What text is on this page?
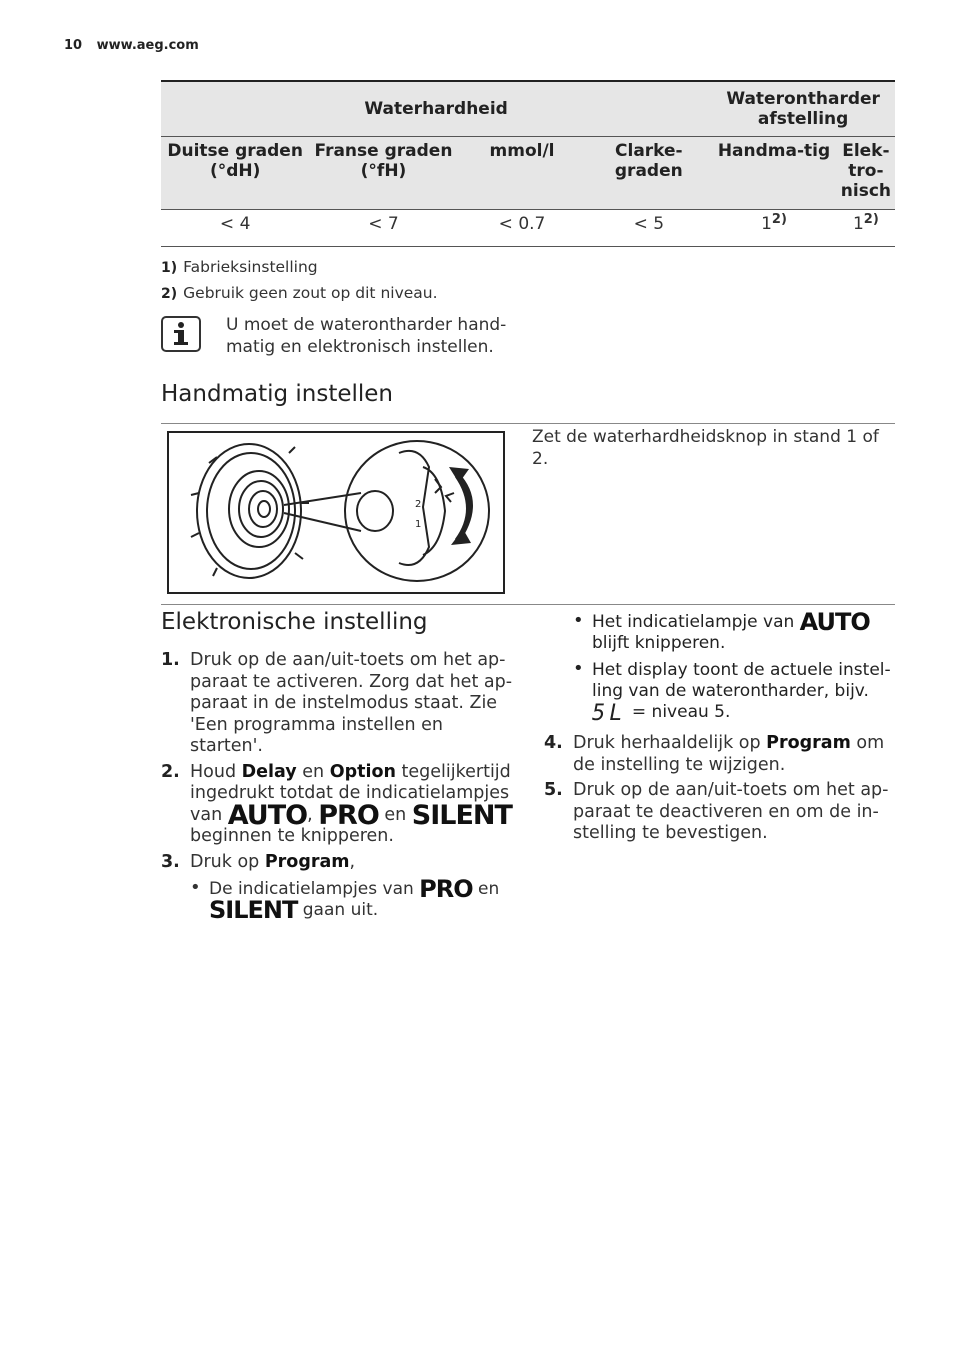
10 www.aeg.com
Waterhardheid				Waterontharder afstelling	
Duitse graden (°dH)	Franse graden (°fH)	mmol/l	Clarke-graden	Handma-tig	Elek-tro-nisch
< 4	< 7	< 0.7	< 5	1$^{2)}$	1$^{2)}$
1) Fabrieksinstelling
2) Gebruik geen zout op dit niveau.
U moet de waterontharder hand-matig en elektronisch instellen.
Handmatig instellen
2
1
Zet de waterhardheidsknop in stand 1 of 2.
Elektronische instelling
1. Druk op de aan/uit-toets om het ap-paraat te activeren. Zorg dat het ap-paraat in de instelmodus staat. Zie 'Een programma instellen en starten'.
2. Houd Delay en Option tegelijkertijd ingedrukt totdat de indicatielampjes van AUTO, PRO en SILENT beginnen te knipperen.
3. Druk op Program,
• De indicatielampjes van PRO en SILENT gaan uit.
• Het indicatielampje van AUTO blijft knipperen.
• Het display toont de actuele instel-ling van de waterontharder, bijv.
5L = niveau 5.
4. Druk herhaaldelijk op Program om de instelling te wijzigen.
5. Druk op de aan/uit-toets om het ap-paraat te deactiveren en om de in-stelling te bevestigen.
